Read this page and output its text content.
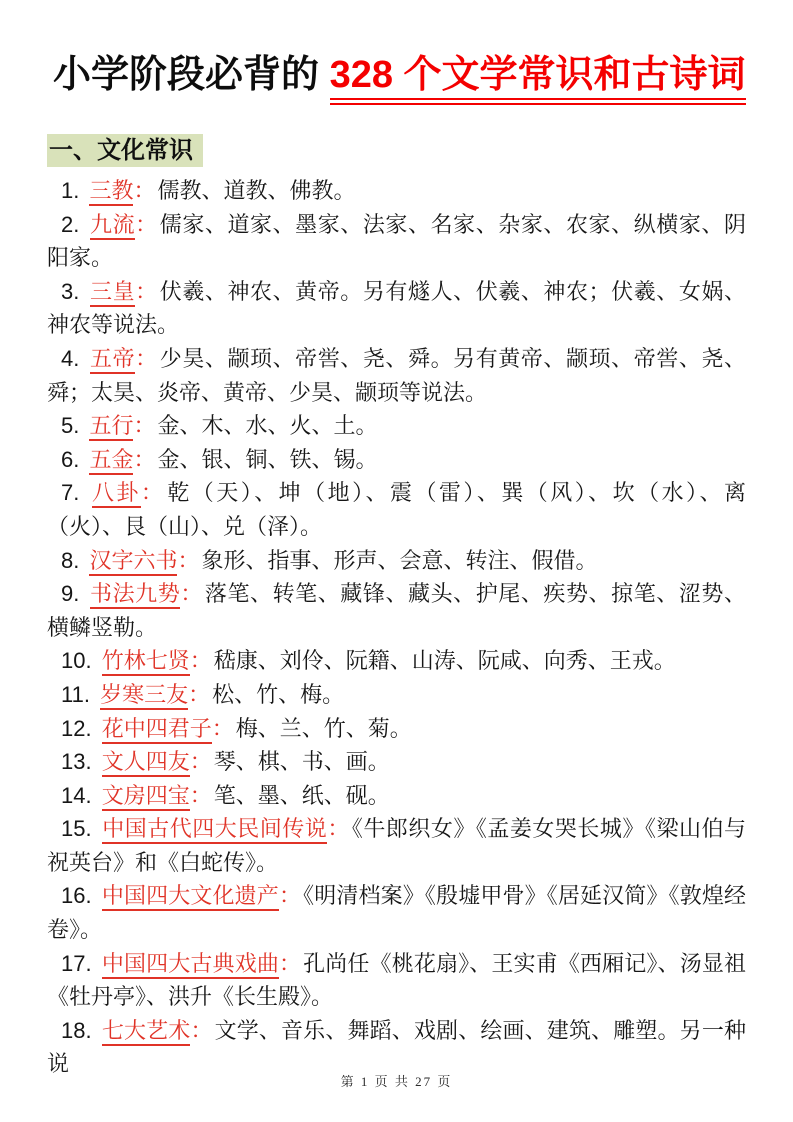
小学阶段必背的 328 个文学常识和古诗词
一、文化常识

1. 三教：儒教、道教、佛教。

2. 九流：儒家、道家、墨家、法家、名家、杂家、农家、纵横家、阴阳家。

3. 三皇：伏羲、神农、黄帝。另有燧人、伏羲、神农；伏羲、女娲、神农等说法。

4. 五帝：少昊、颛顼、帝喾、尧、舜。另有黄帝、颛顼、帝喾、尧、舜；太昊、炎帝、黄帝、少昊、颛顼等说法。

5. 五行：金、木、水、火、土。

6. 五金：金、银、铜、铁、锡。

7. 八卦：乾（天）、坤（地）、震（雷）、巽（风）、坎（水）、离（火）、艮（山）、兑（泽）。

8. 汉字六书：象形、指事、形声、会意、转注、假借。

9. 书法九势：落笔、转笔、藏锋、藏头、护尾、疾势、掠笔、涩势、横鳞竖勒。

10. 竹林七贤：嵇康、刘伶、阮籍、山涛、阮咸、向秀、王戎。

11. 岁寒三友：松、竹、梅。

12. 花中四君子：梅、兰、竹、菊。

13. 文人四友：琴、棋、书、画。

14. 文房四宝：笔、墨、纸、砚。

15. 中国古代四大民间传说：《牛郎织女》《孟姜女哭长城》《梁山伯与祝英台》和《白蛇传》。

16. 中国四大文化遗产：《明清档案》《殷墟甲骨》《居延汉简》《敦煌经卷》。

17. 中国四大古典戏曲：孔尚任《桃花扇》、王实甫《西厢记》、汤显祖《牡丹亭》、洪升《长生殿》。

18. 七大艺术：文学、音乐、舞蹈、戏剧、绘画、建筑、雕塑。另一种说

第 1 页 共 27 页
